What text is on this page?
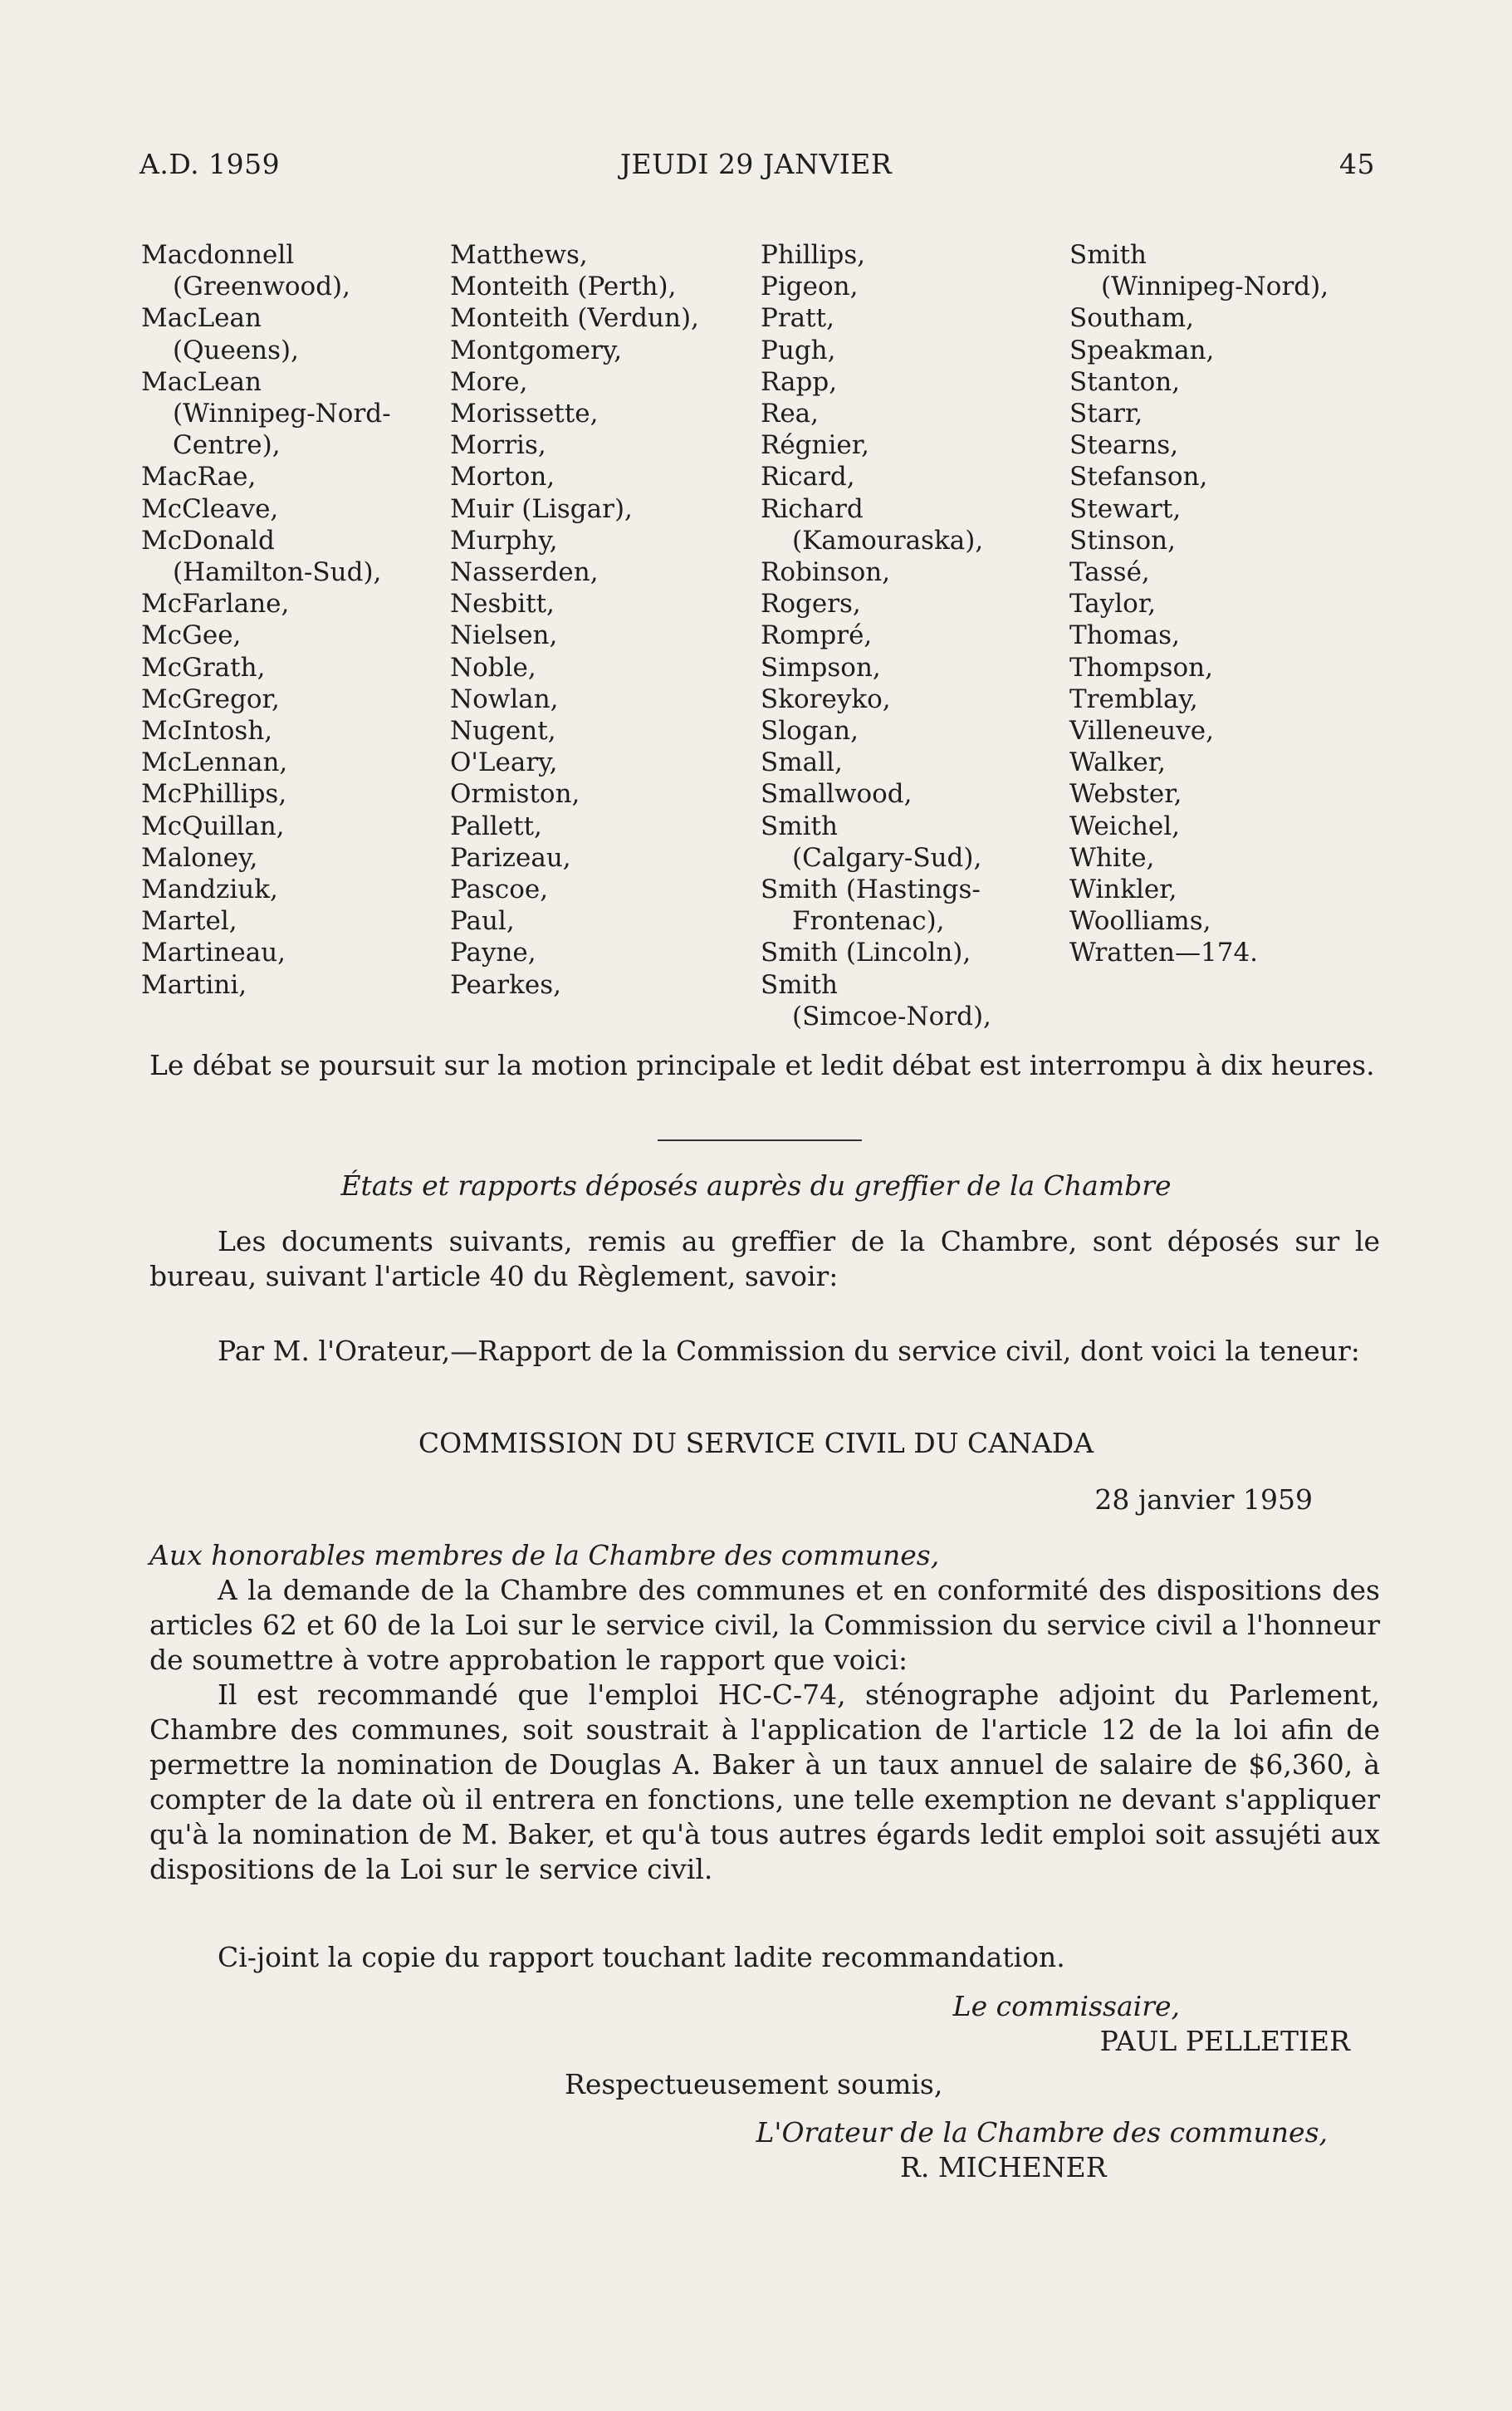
A.D. 1959	JEUDI 29 JANVIER	45
Macdonnell
(Greenwood),
MacLean
(Queens),
MacLean
(Winnipeg-Nord-
Centre),
MacRae,
McCleave,
McDonald
(Hamilton-Sud),
McFarlane,
McGee,
McGrath,
McGregor,
McIntosh,
McLennan,
McPhillips,
McQuillan,
Maloney,
Mandziuk,
Martel,
Martineau,
Martini,
Matthews,
Monteith (Perth),
Monteith (Verdun),
Montgomery,
More,
Morissette,
Morris,
Morton,
Muir (Lisgar),
Murphy,
Nasserden,
Nesbitt,
Nielsen,
Noble,
Nowlan,
Nugent,
O'Leary,
Ormiston,
Pallett,
Parizeau,
Pascoe,
Paul,
Payne,
Pearkes,
Phillips,
Pigeon,
Pratt,
Pugh,
Rapp,
Rea,
Régnier,
Ricard,
Richard
(Kamouraska),
Robinson,
Rogers,
Rompré,
Simpson,
Skoreyko,
Slogan,
Small,
Smallwood,
Smith
(Calgary-Sud),
Smith (Hastings-
Frontenac),
Smith (Lincoln),
Smith
(Simcoe-Nord),
Smith
(Winnipeg-Nord),
Southam,
Speakman,
Stanton,
Starr,
Stearns,
Stefanson,
Stewart,
Stinson,
Tassé,
Taylor,
Thomas,
Thompson,
Tremblay,
Villeneuve,
Walker,
Webster,
Weichel,
White,
Winkler,
Woolliams,
Wratten—174.

Le débat se poursuit sur la motion principale et ledit débat est interrompu à dix heures.

États et rapports déposés auprès du greffier de la Chambre

Les documents suivants, remis au greffier de la Chambre, sont déposés sur le bureau, suivant l'article 40 du Règlement, savoir:

Par M. l'Orateur,—Rapport de la Commission du service civil, dont voici la teneur:

COMMISSION DU SERVICE CIVIL DU CANADA

28 janvier 1959

Aux honorables membres de la Chambre des communes,

A la demande de la Chambre des communes et en conformité des dispositions des articles 62 et 60 de la Loi sur le service civil, la Commission du service civil a l'honneur de soumettre à votre approbation le rapport que voici:

Il est recommandé que l'emploi HC-C-74, sténographe adjoint du Parlement, Chambre des communes, soit soustrait à l'application de l'article 12 de la loi afin de permettre la nomination de Douglas A. Baker à un taux annuel de salaire de $6,360, à compter de la date où il entrera en fonctions, une telle exemption ne devant s'appliquer qu'à la nomination de M. Baker, et qu'à tous autres égards ledit emploi soit assujéti aux dispositions de la Loi sur le service civil.

Ci-joint la copie du rapport touchant ladite recommandation.

Le commissaire,

PAUL PELLETIER

Respectueusement soumis,

L'Orateur de la Chambre des communes,

R. MICHENER
